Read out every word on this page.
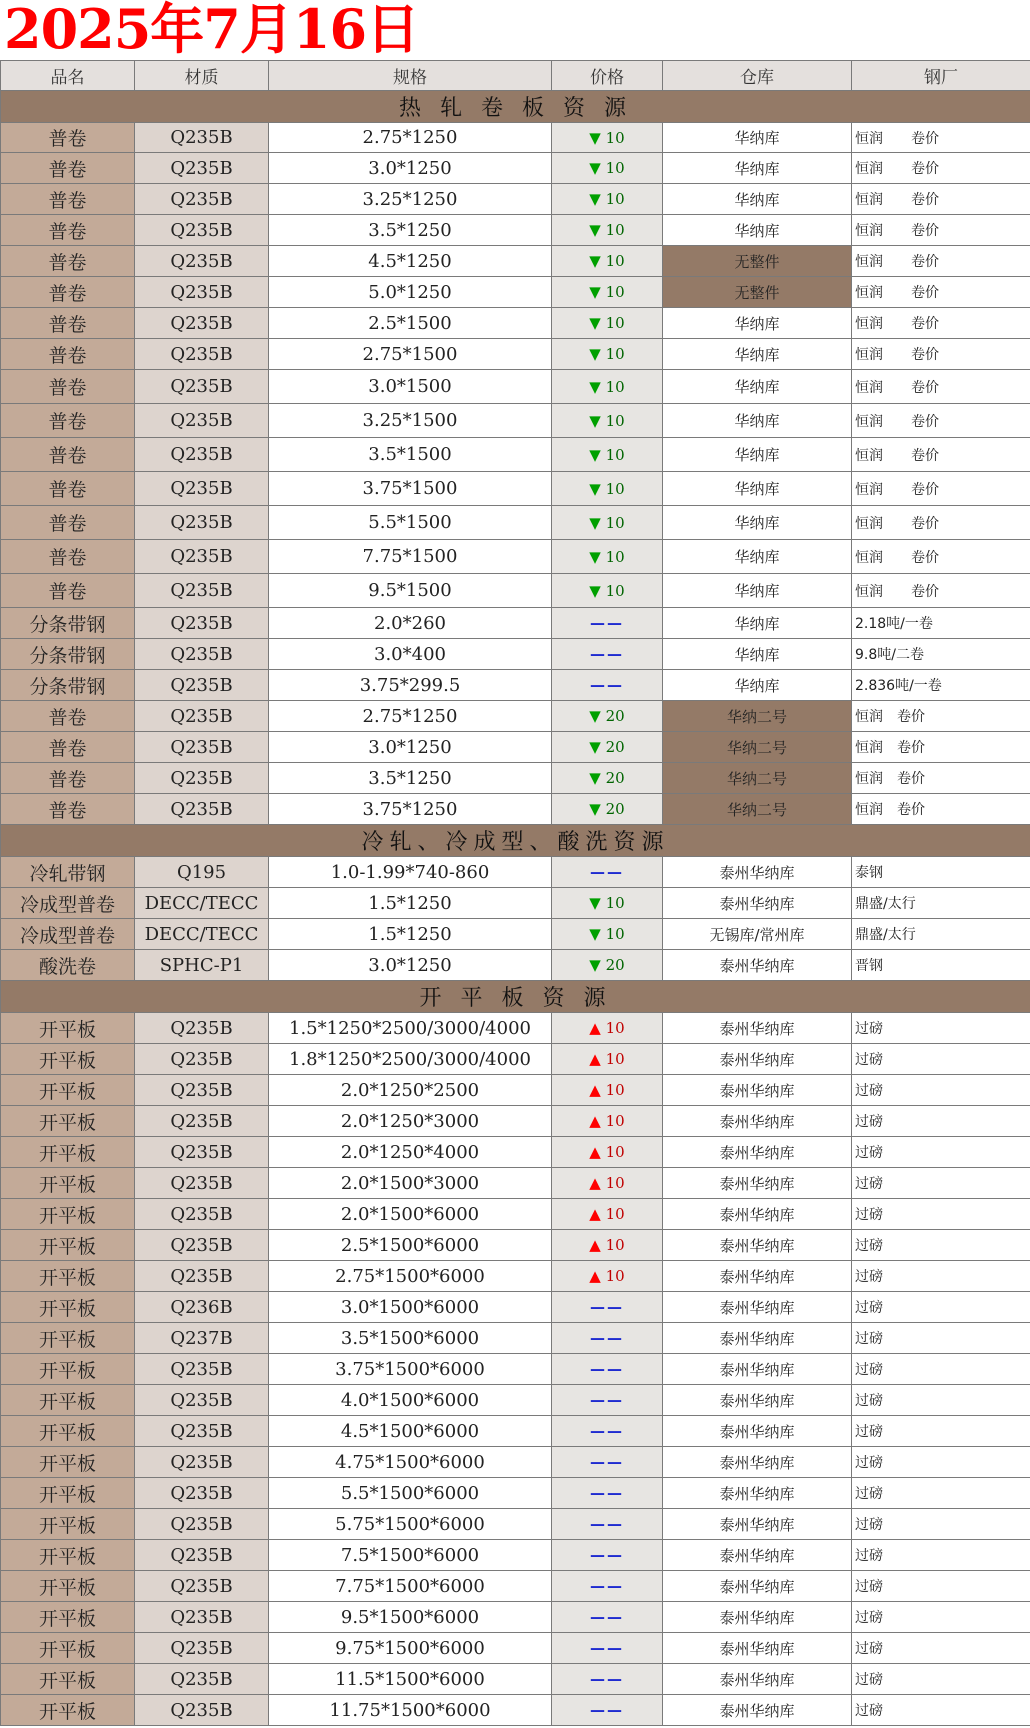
2025年7月16日
品名	材质	规格	价格	仓库	钢厂
热 轧 卷 板 资 源					
普卷	Q235B	2.75*1250	▼ 10	华纳库	恒润　　卷价
普卷	Q235B	3.0*1250	▼ 10	华纳库	恒润　　卷价
普卷	Q235B	3.25*1250	▼ 10	华纳库	恒润　　卷价
普卷	Q235B	3.5*1250	▼ 10	华纳库	恒润　　卷价
普卷	Q235B	4.5*1250	▼ 10	无整件	恒润　　卷价
普卷	Q235B	5.0*1250	▼ 10	无整件	恒润　　卷价
普卷	Q235B	2.5*1500	▼ 10	华纳库	恒润　　卷价
普卷	Q235B	2.75*1500	▼ 10	华纳库	恒润　　卷价
普卷	Q235B	3.0*1500	▼ 10	华纳库	恒润　　卷价
普卷	Q235B	3.25*1500	▼ 10	华纳库	恒润　　卷价
普卷	Q235B	3.5*1500	▼ 10	华纳库	恒润　　卷价
普卷	Q235B	3.75*1500	▼ 10	华纳库	恒润　　卷价
普卷	Q235B	5.5*1500	▼ 10	华纳库	恒润　　卷价
普卷	Q235B	7.75*1500	▼ 10	华纳库	恒润　　卷价
普卷	Q235B	9.5*1500	▼ 10	华纳库	恒润　　卷价
分条带钢	Q235B	2.0*260	——	华纳库	2.18吨/一卷
分条带钢	Q235B	3.0*400	——	华纳库	9.8吨/二卷
分条带钢	Q235B	3.75*299.5	——	华纳库	2.836吨/一卷
普卷	Q235B	2.75*1250	▼ 20	华纳二号	恒润　卷价
普卷	Q235B	3.0*1250	▼ 20	华纳二号	恒润　卷价
普卷	Q235B	3.5*1250	▼ 20	华纳二号	恒润　卷价
普卷	Q235B	3.75*1250	▼ 20	华纳二号	恒润　卷价
冷轧、冷成型、酸洗资源					
冷轧带钢	Q195	1.0-1.99*740-860	——	泰州华纳库	泰钢
冷成型普卷	DECC/TECC	1.5*1250	▼ 10	泰州华纳库	鼎盛/太行
冷成型普卷	DECC/TECC	1.5*1250	▼ 10	无锡库/常州库	鼎盛/太行
酸洗卷	SPHC-P1	3.0*1250	▼ 20	泰州华纳库	晋钢
开 平 板 资 源					
开平板	Q235B	1.5*1250*2500/3000/4000	▲ 10	泰州华纳库	过磅
开平板	Q235B	1.8*1250*2500/3000/4000	▲ 10	泰州华纳库	过磅
开平板	Q235B	2.0*1250*2500	▲ 10	泰州华纳库	过磅
开平板	Q235B	2.0*1250*3000	▲ 10	泰州华纳库	过磅
开平板	Q235B	2.0*1250*4000	▲ 10	泰州华纳库	过磅
开平板	Q235B	2.0*1500*3000	▲ 10	泰州华纳库	过磅
开平板	Q235B	2.0*1500*6000	▲ 10	泰州华纳库	过磅
开平板	Q235B	2.5*1500*6000	▲ 10	泰州华纳库	过磅
开平板	Q235B	2.75*1500*6000	▲ 10	泰州华纳库	过磅
开平板	Q236B	3.0*1500*6000	——	泰州华纳库	过磅
开平板	Q237B	3.5*1500*6000	——	泰州华纳库	过磅
开平板	Q235B	3.75*1500*6000	——	泰州华纳库	过磅
开平板	Q235B	4.0*1500*6000	——	泰州华纳库	过磅
开平板	Q235B	4.5*1500*6000	——	泰州华纳库	过磅
开平板	Q235B	4.75*1500*6000	——	泰州华纳库	过磅
开平板	Q235B	5.5*1500*6000	——	泰州华纳库	过磅
开平板	Q235B	5.75*1500*6000	——	泰州华纳库	过磅
开平板	Q235B	7.5*1500*6000	——	泰州华纳库	过磅
开平板	Q235B	7.75*1500*6000	——	泰州华纳库	过磅
开平板	Q235B	9.5*1500*6000	——	泰州华纳库	过磅
开平板	Q235B	9.75*1500*6000	——	泰州华纳库	过磅
开平板	Q235B	11.5*1500*6000	——	泰州华纳库	过磅
开平板	Q235B	11.75*1500*6000	——	泰州华纳库	过磅
